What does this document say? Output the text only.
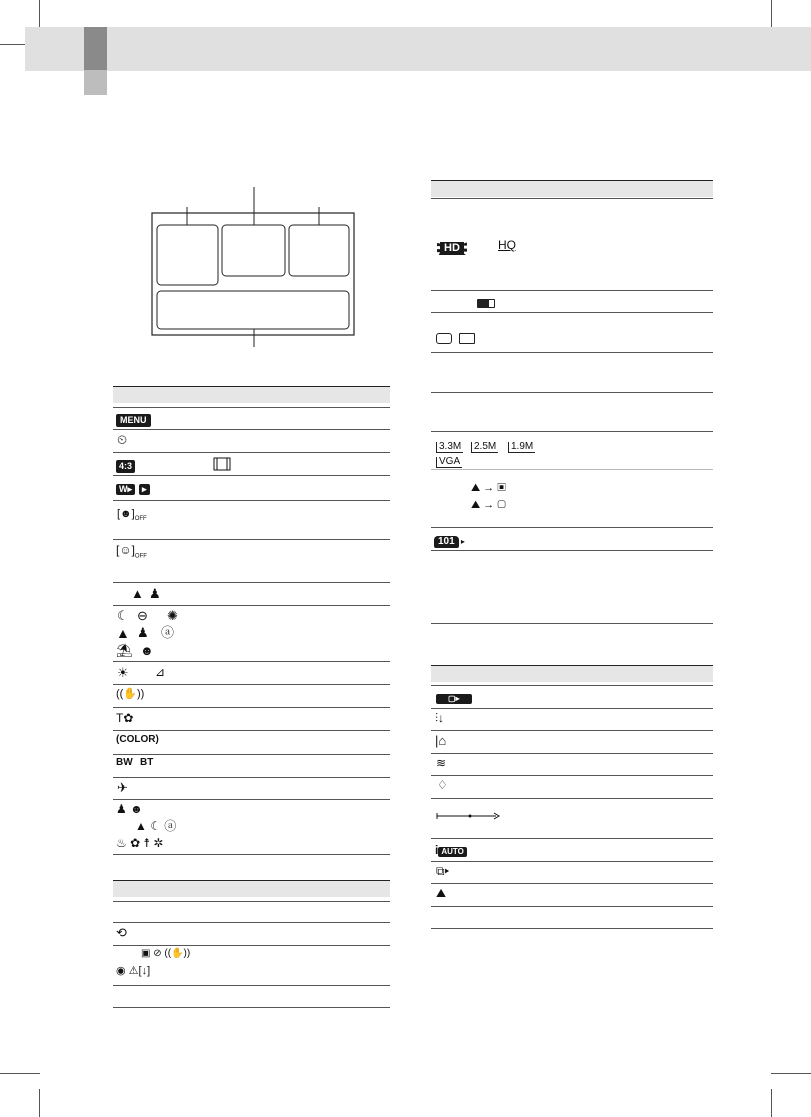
MENU
⏲
4:3
W▸	▸
$[☻]_{OFF}$
$[☺]_{OFF}$
▲ ♟
☾ ⊖ ✺
▲ ♟ ⓐ
⛱ ☻
☀ ⊿
((✋))
T✿
(COLOR)
BW BT
✈
♟ ☻
▲ ☾ ⓐ
♨ ✿ ☨ ✲
⟲
▣ ⊘ ((✋))
◉ ⚠[↓]
HD	HQ
3.3M	2.5M	1.9M
VGA
⛰ → ▣
⛰ → ▢
101 ▸
▢▸
⫶↓
|⌂
≋
♢
i AUTO
⧉▸
⛰
